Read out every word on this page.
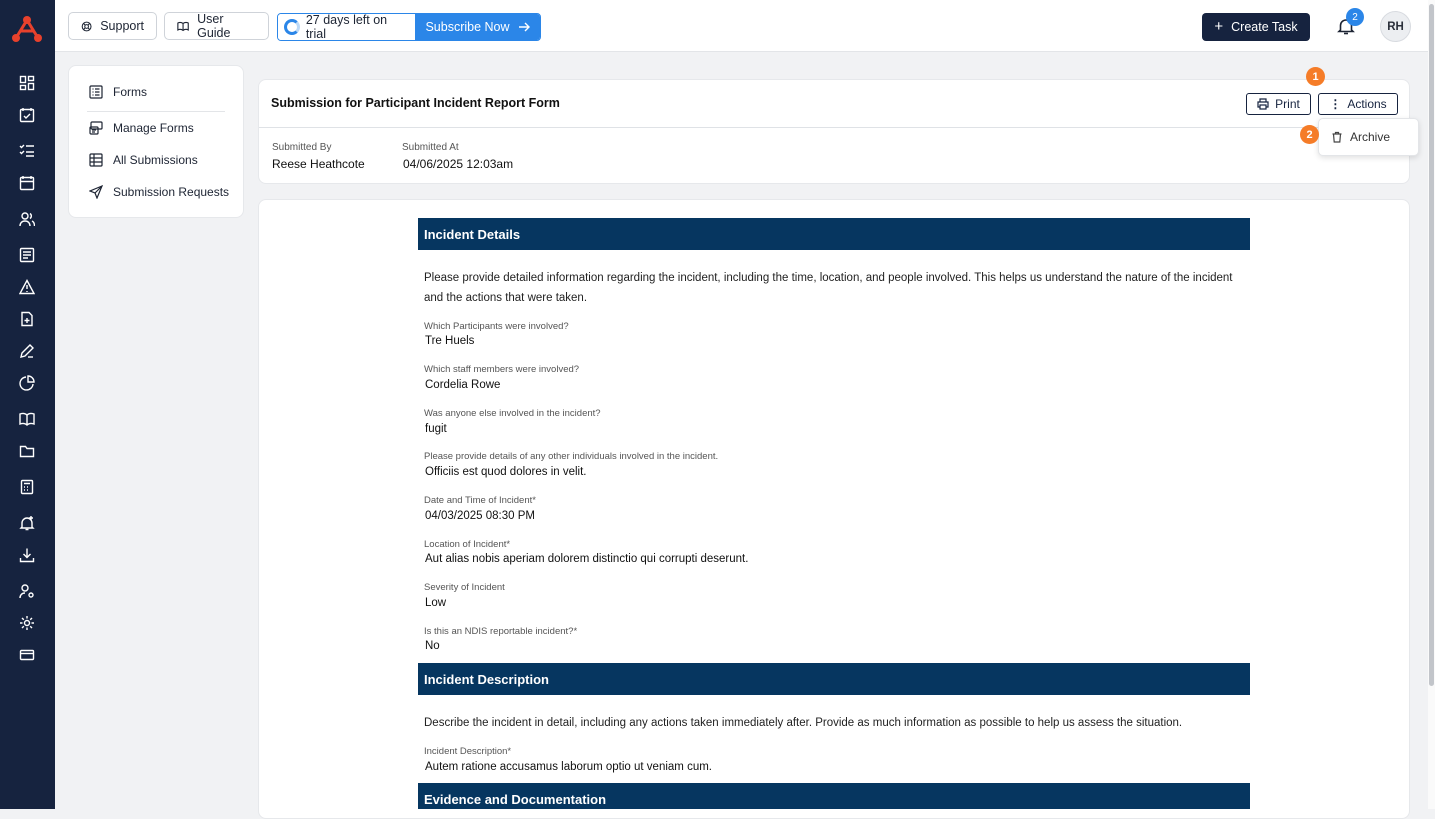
Support	User Guide
27 days left on trial	Subscribe Now	+ Create Task
2
RH
Forms
Manage Forms
All Submissions
Submission Requests
Submission for Participant Incident Report Form	Print ⋮ Actions
Submitted By
Reese Heathcote
Submitted At
04/06/2025 12:03am
Archive
1
2
Incident Details
Please provide detailed information regarding the incident, including the time, location, and people involved. This helps us understand the nature of the incident and the actions that were taken.
Which Participants were involved?
Tre Huels
Which staff members were involved?
Cordelia Rowe
Was anyone else involved in the incident?
fugit
Please provide details of any other individuals involved in the incident.
Officiis est quod dolores in velit.
Date and Time of Incident*
04/03/2025 08:30 PM
Location of Incident*
Aut alias nobis aperiam dolorem distinctio qui corrupti deserunt.
Severity of Incident
Low
Is this an NDIS reportable incident?*
No
Incident Description
Describe the incident in detail, including any actions taken immediately after. Provide as much information as possible to help us assess the situation.
Incident Description*
Autem ratione accusamus laborum optio ut veniam cum.
Evidence and Documentation
